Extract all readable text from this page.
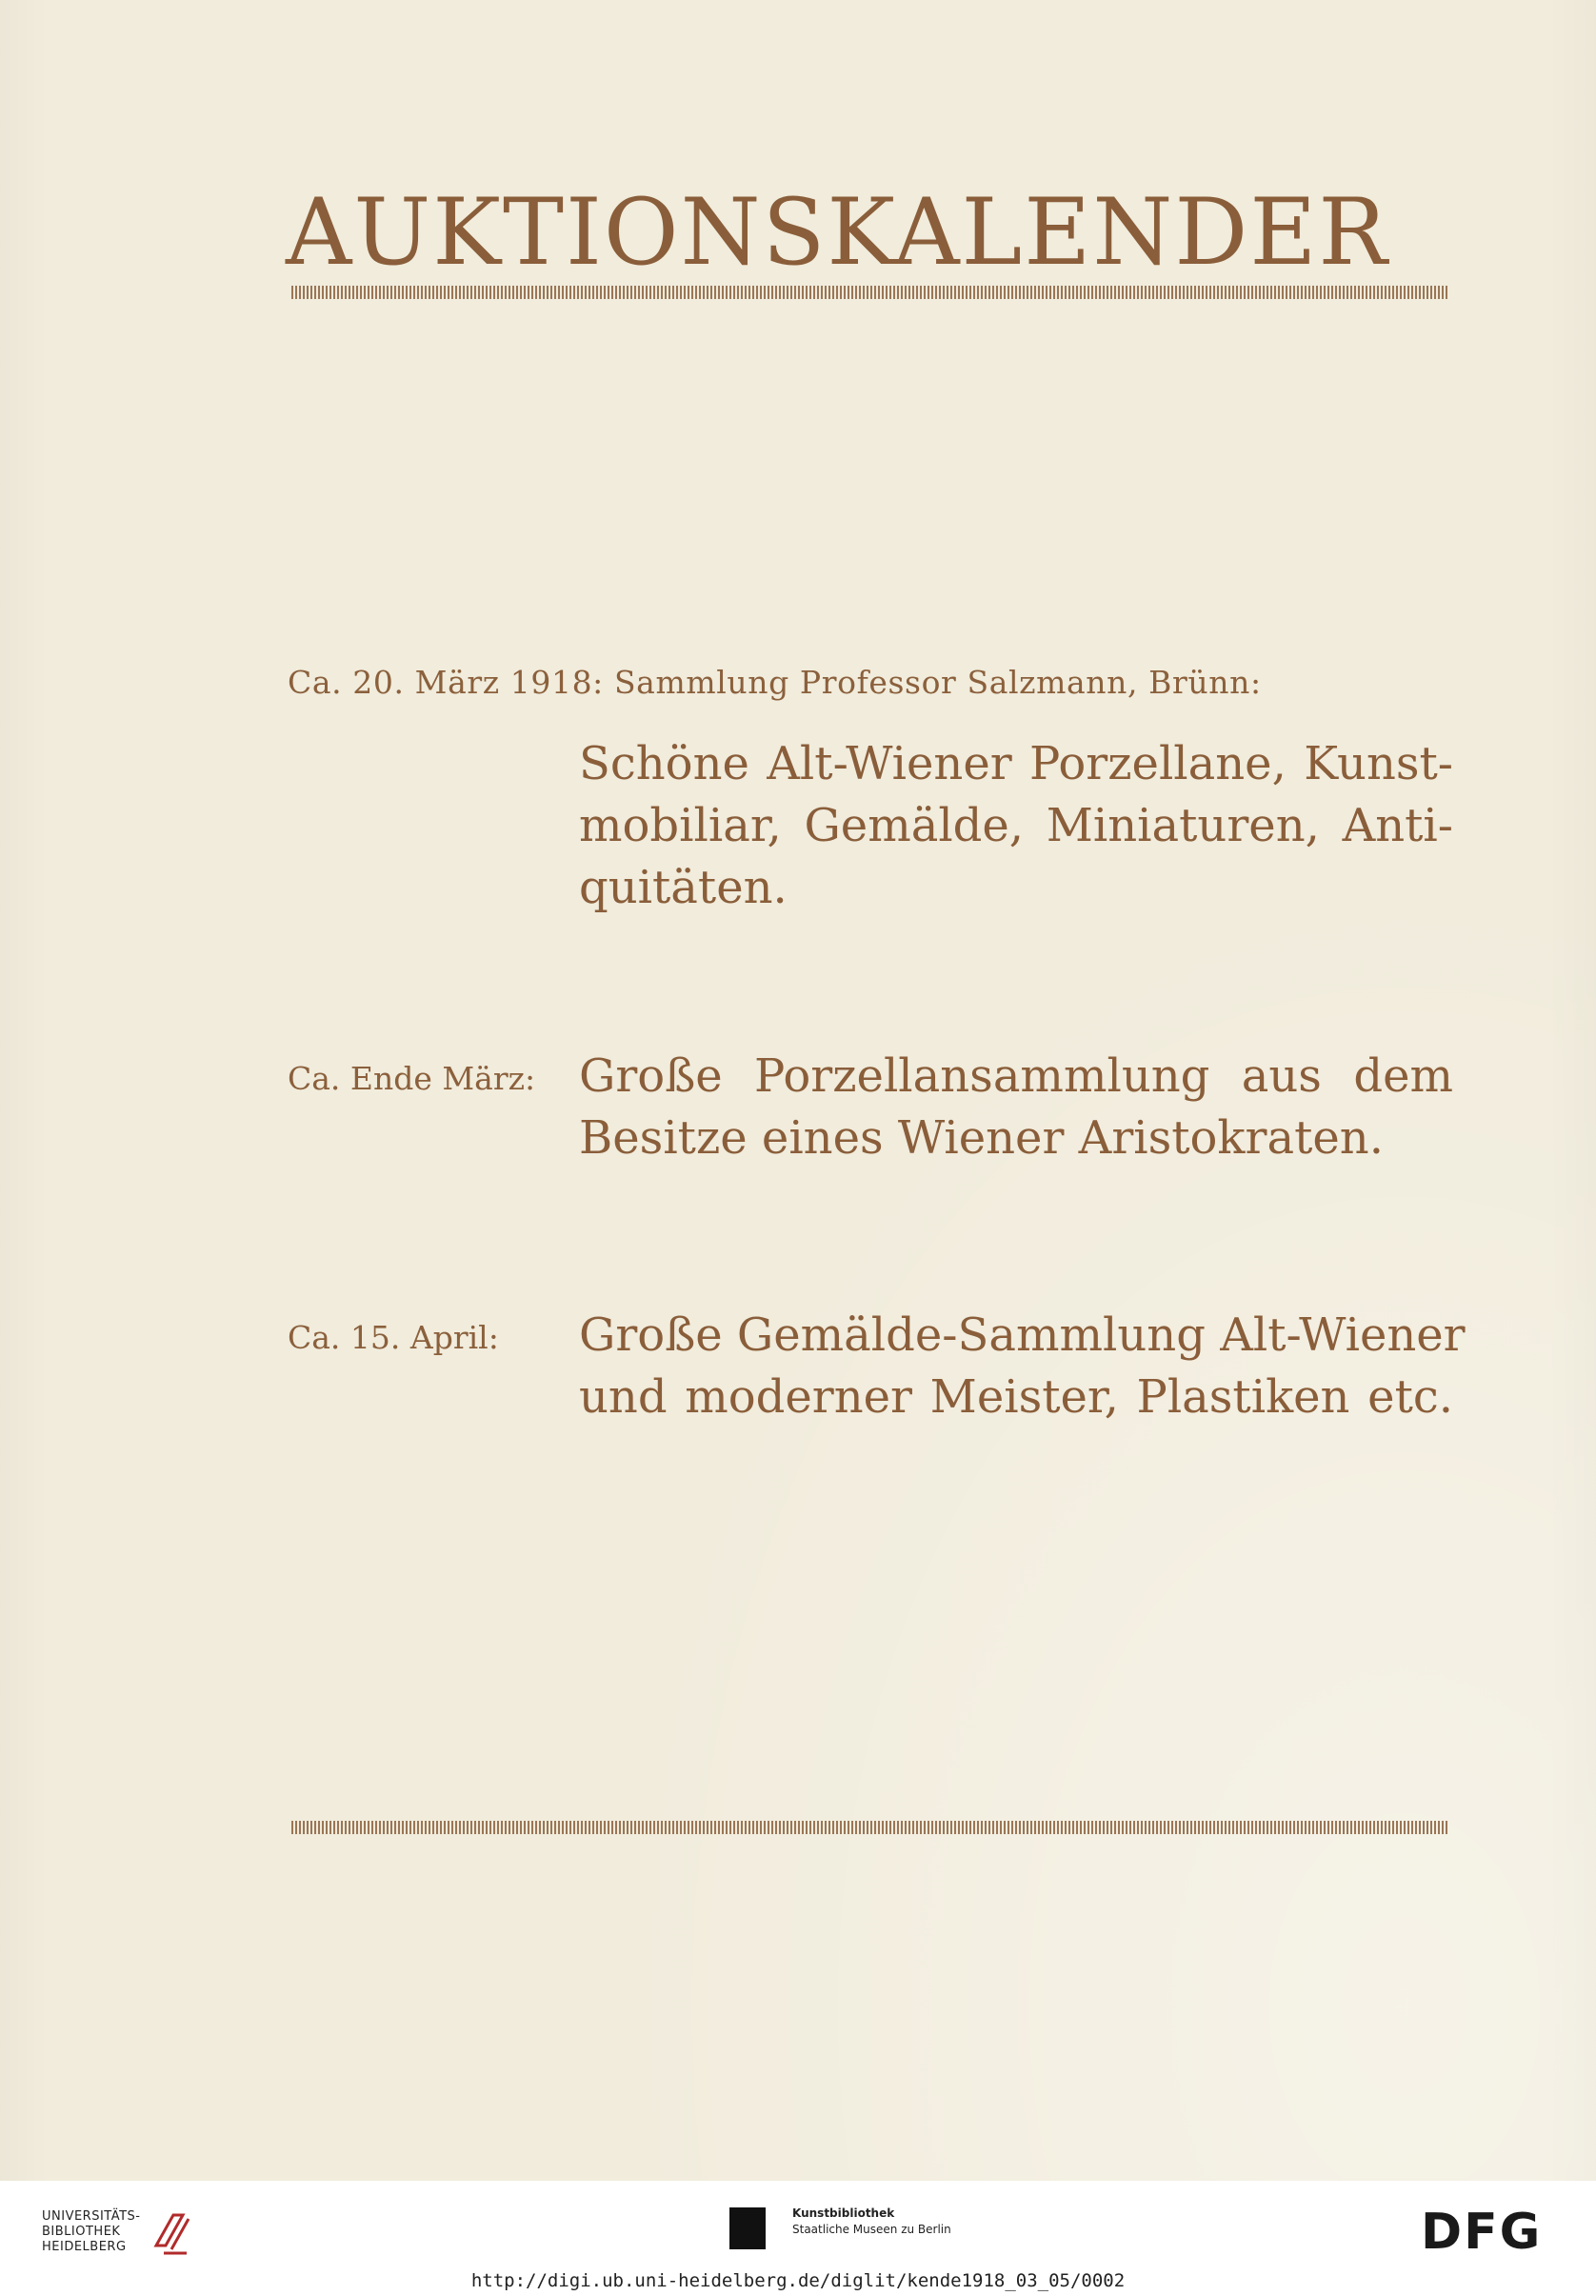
AUKTIONSKALENDER
Ca. 20. März 1918: Sammlung Professor Salzmann, Brünn:
Schöne Alt-Wiener Porzellane, Kunst-
mobiliar, Gemälde, Miniaturen, Anti-
quitäten.
Ca. Ende März: Große Porzellansammlung aus dem
Besitze eines Wiener Aristokraten.
Ca. 15. April: Große Gemälde-Sammlung Alt-Wiener
und moderner Meister, Plastiken etc.
UNIVERSITÄTS-
BIBLIOTHEK
HEIDELBERG
Kunstbibliothek
Staatliche Museen zu Berlin	DFG
http://digi.ub.uni-heidelberg.de/diglit/kende1918_03_05/0002
